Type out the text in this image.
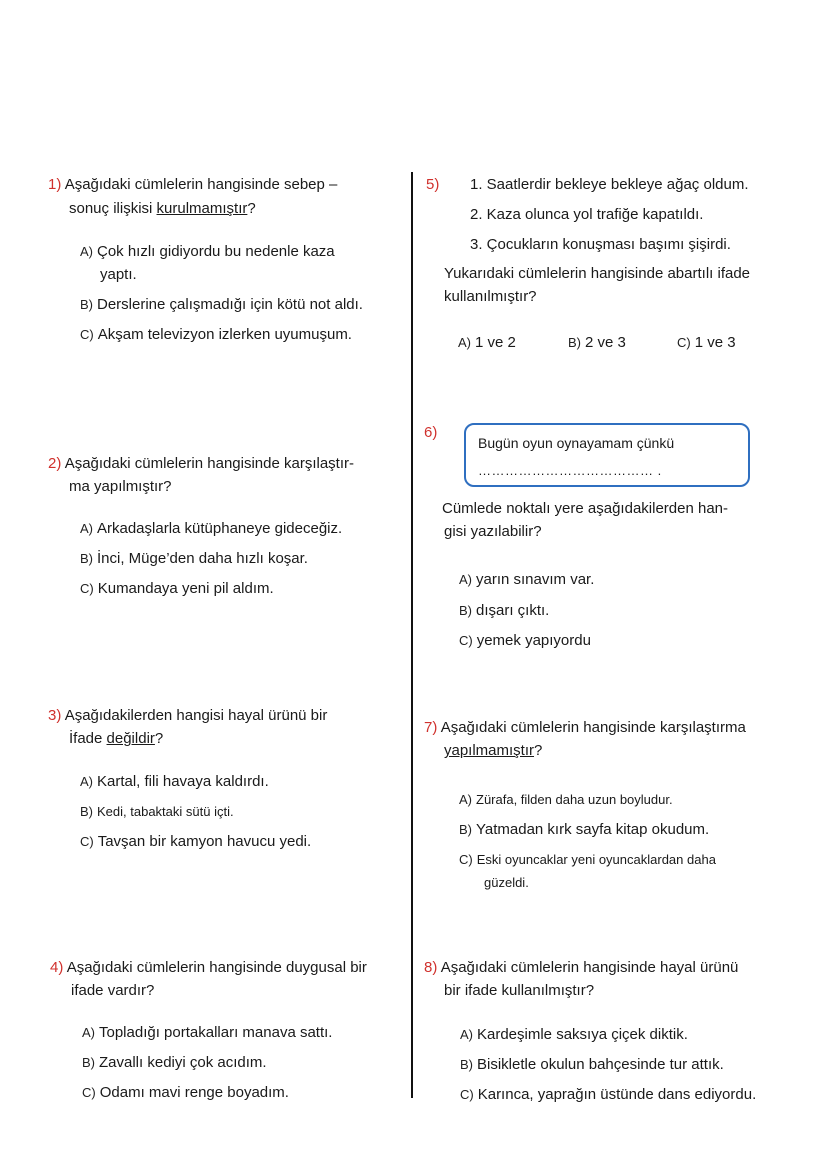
1) Aşağıdaki cümlelerin hangisinde sebep –
sonuç ilişkisi kurulmamıştır?
A) Çok hızlı gidiyordu bu nedenle kaza
yaptı.
B) Derslerine çalışmadığı için kötü not aldı.
C) Akşam televizyon izlerken uyumuşum.
2) Aşağıdaki cümlelerin hangisinde karşılaştır-
ma yapılmıştır?
A) Arkadaşlarla kütüphaneye gideceğiz.
B) İnci, Müge’den daha hızlı koşar.
C) Kumandaya yeni pil aldım.
3) Aşağıdakilerden hangisi hayal ürünü bir
İfade değildir?
A) Kartal, fili havaya kaldırdı.
B) Kedi, tabaktaki sütü içti.
C) Tavşan bir kamyon havucu yedi.
4) Aşağıdaki cümlelerin hangisinde duygusal bir
ifade vardır?
A) Topladığı portakalları manava sattı.
B) Zavallı kediyi çok acıdım.
C) Odamı mavi renge boyadım.
5) 1. Saatlerdir bekleye bekleye ağaç oldum.
2. Kaza olunca yol trafiğe kapatıldı.
3. Çocukların konuşması başımı şişirdi.
Yukarıdaki cümlelerin hangisinde abartılı ifade
kullanılmıştır?
A) 1 ve 2	B) 2 ve 3	C) 1 ve 3
6)
Bugün oyun oynayamam çünkü
………………………………… .
Cümlede noktalı yere aşağıdakilerden han-
gisi yazılabilir?
A) yarın sınavım var.
B) dışarı çıktı.
C) yemek yapıyordu
7) Aşağıdaki cümlelerin hangisinde karşılaştırma
yapılmamıştır?
A) Zürafa, filden daha uzun boyludur.
B) Yatmadan kırk sayfa kitap okudum.
C) Eski oyuncaklar yeni oyuncaklardan daha
güzeldi.
8) Aşağıdaki cümlelerin hangisinde hayal ürünü
bir ifade kullanılmıştır?
A) Kardeşimle saksıya çiçek diktik.
B) Bisikletle okulun bahçesinde tur attık.
C) Karınca, yaprağın üstünde dans ediyordu.
